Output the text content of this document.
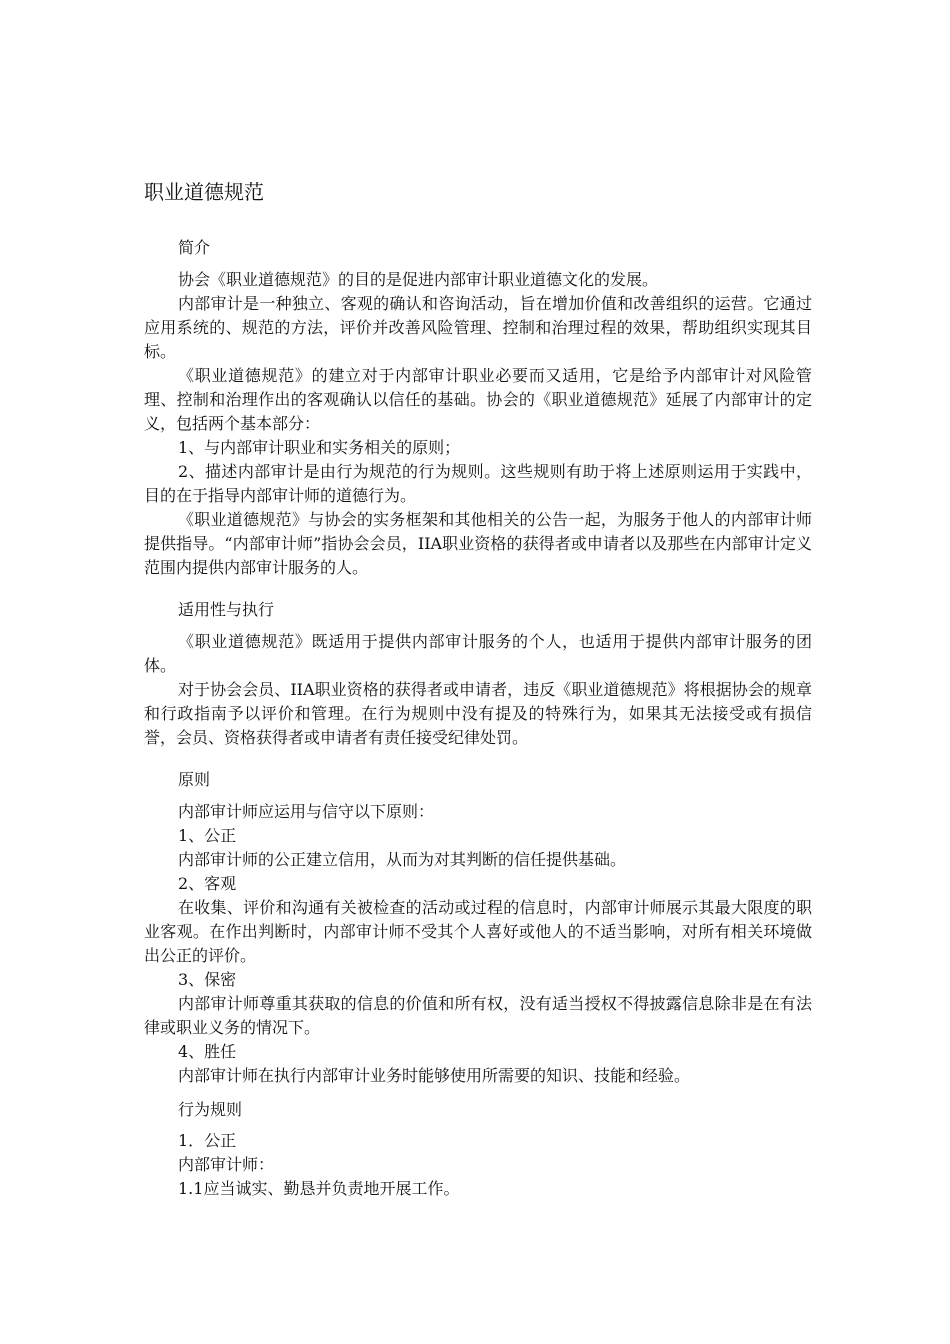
职业道德规范
简介

协会《职业道德规范》的目的是促进内部审计职业道德文化的发展。

内部审计是一种独立、客观的确认和咨询活动，旨在增加价值和改善组织的运营。它通过应用系统的、规范的方法，评价并改善风险管理、控制和治理过程的效果，帮助组织实现其目标。

《职业道德规范》的建立对于内部审计职业必要而又适用，它是给予内部审计对风险管理、控制和治理作出的客观确认以信任的基础。协会的《职业道德规范》延展了内部审计的定义，包括两个基本部分：

1、与内部审计职业和实务相关的原则；

2、描述内部审计是由行为规范的行为规则。这些规则有助于将上述原则运用于实践中，目的在于指导内部审计师的道德行为。

《职业道德规范》与协会的实务框架和其他相关的公告一起，为服务于他人的内部审计师提供指导。“内部审计师”指协会会员，IIA职业资格的获得者或申请者以及那些在内部审计定义范围内提供内部审计服务的人。

适用性与执行

《职业道德规范》既适用于提供内部审计服务的个人，也适用于提供内部审计服务的团体。

对于协会会员、IIA职业资格的获得者或申请者，违反《职业道德规范》将根据协会的规章和行政指南予以评价和管理。在行为规则中没有提及的特殊行为，如果其无法接受或有损信誉，会员、资格获得者或申请者有责任接受纪律处罚。

原则

内部审计师应运用与信守以下原则：

1、公正

内部审计师的公正建立信用，从而为对其判断的信任提供基础。

2、客观

在收集、评价和沟通有关被检查的活动或过程的信息时，内部审计师展示其最大限度的职业客观。在作出判断时，内部审计师不受其个人喜好或他人的不适当影响，对所有相关环境做出公正的评价。

3、保密

内部审计师尊重其获取的信息的价值和所有权，没有适当授权不得披露信息除非是在有法律或职业义务的情况下。

4、胜任

内部审计师在执行内部审计业务时能够使用所需要的知识、技能和经验。

行为规则

1．公正

内部审计师：

1.1应当诚实、勤恳并负责地开展工作。
